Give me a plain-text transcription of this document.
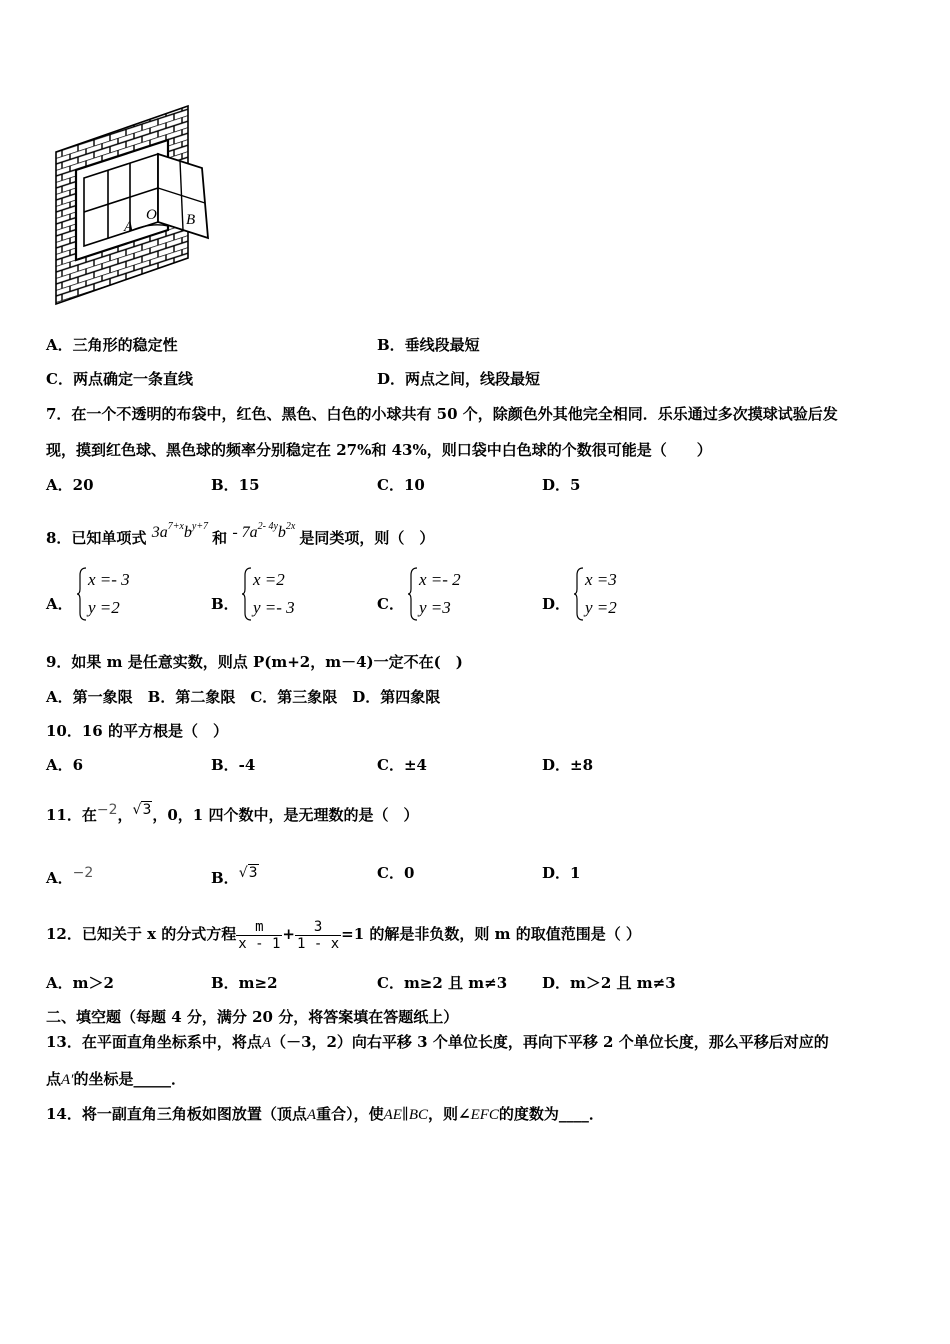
A
O B
A．三角形的稳定性	B．垂线段最短
C．两点确定一条直线	D．两点之间，线段最短
7．在一个不透明的布袋中，红色、黑色、白色的小球共有 50 个，除颜色外其他完全相同．乐乐通过多次摸球试验后发
现，摸到红色球、黑色球的频率分别稳定在 27%和 43%，则口袋中白色球的个数很可能是（　　）
A．20	B．15	C．10	D．5
8．已知单项式 $3a^{7+x}b^{y+7}$ 和 - $7a^{2- 4y}b^{2x}$ 是同类项，则（　）
A．
x =- 3
y =2	B．
x =2
y =- 3	C．
x =- 2
y =3	D．
x =3
y =2
9．如果 m 是任意实数，则点 P(m+2，m－4)一定不在(　)
A．第一象限　B．第二象限　C．第三象限　D．第四象限
10．16 的平方根是（　）
A．6	B．-4	C．±4	D．±8
11．在−2，√3，0，1 四个数中，是无理数的是（　）
A．−2	B．√3	C．0	D．1
12．已知关于 x 的分式方程 $\frac{m}{x - 1} + \frac{3}{1 - x} =1$ 的解是非负数，则 m 的取值范围是（ ）
A．m＞2	B．m≥2	C．m≥2 且 m≠3 D．m＞2 且 m≠3
二、填空题（每题 4 分，满分 20 分，将答案填在答题纸上）
13．在平面直角坐标系中，将点A（－3，2）向右平移 3 个单位长度，再向下平移 2 个单位长度，那么平移后对应的
点A′的坐标是_____．
14．将一副直角三角板如图放置（顶点A重合），使AE∥BC，则∠EFC的度数为____．
